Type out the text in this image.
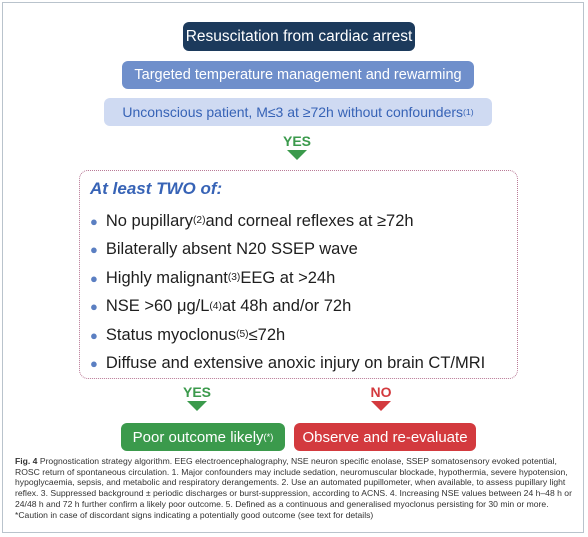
Resuscitation from cardiac arrest
Targeted temperature management and rewarming
Unconscious patient, M≤3 at ≥72h without confounders (1)
YES
At least TWO of:
● No pupillary (2) and corneal reflexes at ≥72h
● Bilaterally absent N20 SSEP wave
● Highly malignant (3) EEG at >24h
● NSE >60 μg/L (4) at 48h and/or 72h
● Status myoclonus (5) ≤72h
● Diffuse and extensive anoxic injury on brain CT/MRI
YES	NO
Poor outcome likely (*) Observe and re-evaluate
Fig. 4 Prognostication strategy algorithm. EEG electroencephalography, NSE neuron specific enolase, SSEP somatosensory evoked potential, ROSC return of spontaneous circulation. 1. Major confounders may include sedation, neuromuscular blockade, hypothermia, severe hypotension, hypoglycaemia, sepsis, and metabolic and respiratory derangements. 2. Use an automated pupillometer, when available, to assess pupillary light reflex. 3. Suppressed background ± periodic discharges or burst-suppression, according to ACNS. 4. Increasing NSE values between 24 h–48 h or 24/48 h and 72 h further confirm a likely poor outcome. 5. Defined as a continuous and generalised myoclonus persisting for 30 min or more. *Caution in case of discordant signs indicating a potentially good outcome (see text for details)
